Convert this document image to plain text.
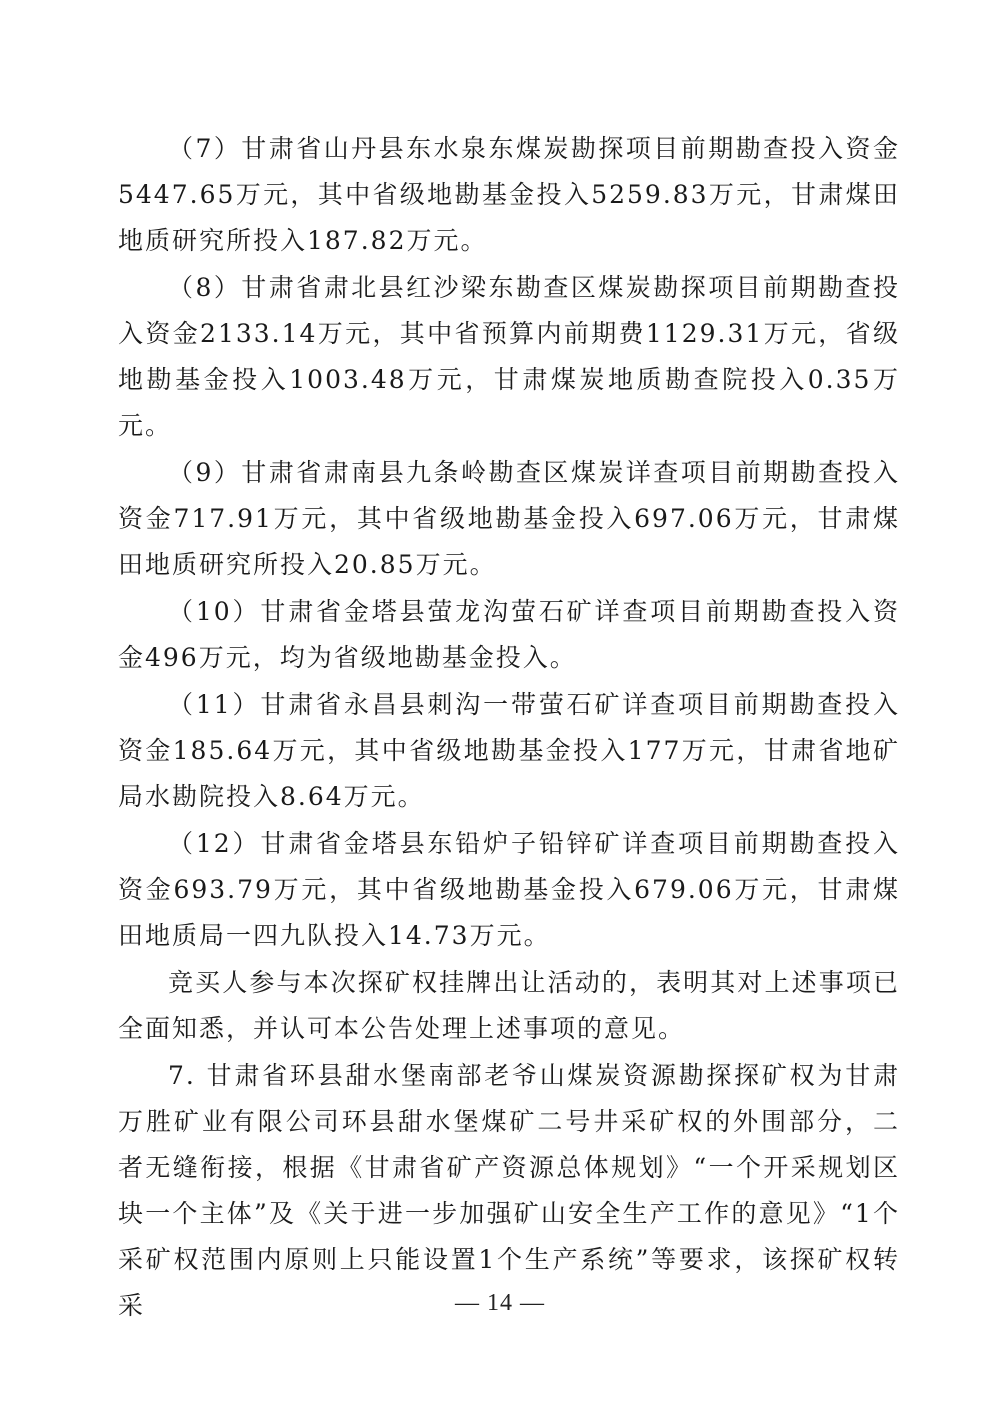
（7）甘肃省山丹县东水泉东煤炭勘探项目前期勘查投入资金5447.65万元，其中省级地勘基金投入5259.83万元，甘肃煤田地质研究所投入187.82万元。

（8）甘肃省肃北县红沙梁东勘查区煤炭勘探项目前期勘查投入资金2133.14万元，其中省预算内前期费1129.31万元，省级地勘基金投入1003.48万元，甘肃煤炭地质勘查院投入0.35万元。

（9）甘肃省肃南县九条岭勘查区煤炭详查项目前期勘查投入资金717.91万元，其中省级地勘基金投入697.06万元，甘肃煤田地质研究所投入20.85万元。

（10）甘肃省金塔县萤龙沟萤石矿详查项目前期勘查投入资金496万元，均为省级地勘基金投入。

（11）甘肃省永昌县刺沟一带萤石矿详查项目前期勘查投入资金185.64万元，其中省级地勘基金投入177万元，甘肃省地矿局水勘院投入8.64万元。

（12）甘肃省金塔县东铅炉子铅锌矿详查项目前期勘查投入资金693.79万元，其中省级地勘基金投入679.06万元，甘肃煤田地质局一四九队投入14.73万元。

竞买人参与本次探矿权挂牌出让活动的，表明其对上述事项已全面知悉，并认可本公告处理上述事项的意见。

7. 甘肃省环县甜水堡南部老爷山煤炭资源勘探探矿权为甘肃万胜矿业有限公司环县甜水堡煤矿二号井采矿权的外围部分，二者无缝衔接，根据《甘肃省矿产资源总体规划》“一个开采规划区块一个主体”及《关于进一步加强矿山安全生产工作的意见》“1个采矿权范围内原则上只能设置1个生产系统”等要求，该探矿权转采	— 14 —
